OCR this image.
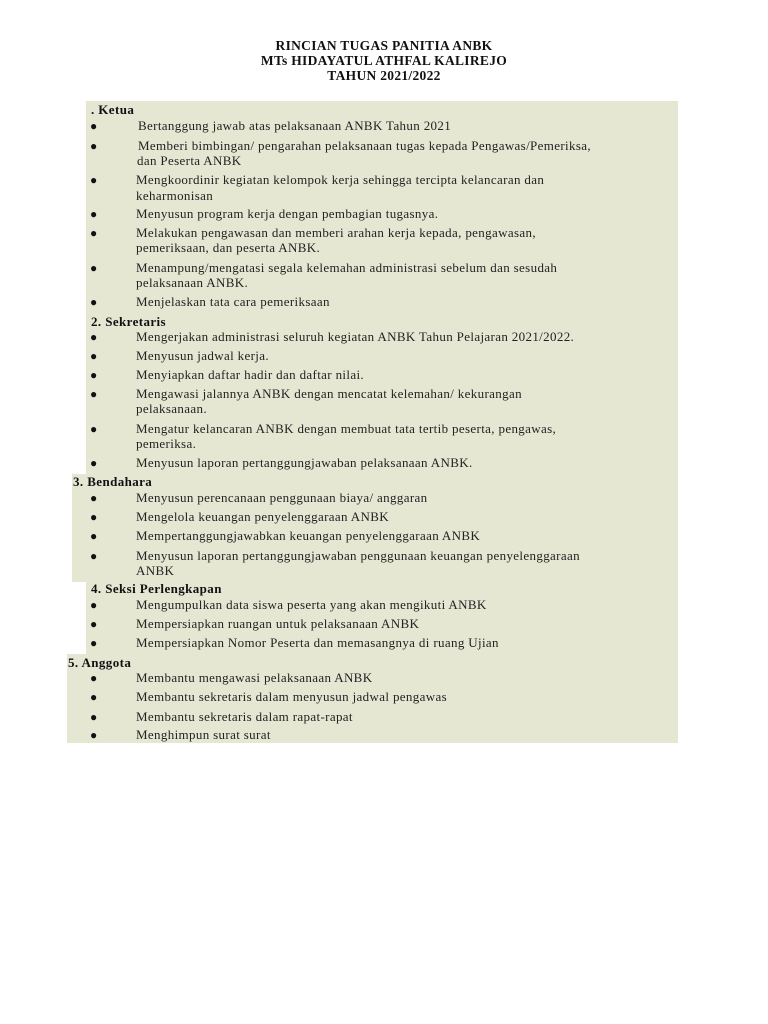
RINCIAN TUGAS PANITIA ANBK
MTs HIDAYATUL ATHFAL KALIREJO
TAHUN 2021/2022
. Ketua
●	Bertanggung jawab atas pelaksanaan ANBK Tahun 2021
●	Memberi bimbingan/ pengarahan pelaksanaan tugas kepada Pengawas/Pemeriksa,
dan Peserta ANBK
●	Mengkoordinir kegiatan kelompok kerja sehingga tercipta kelancaran dan
keharmonisan
●	Menyusun program kerja dengan pembagian tugasnya.
●	Melakukan pengawasan dan memberi arahan kerja kepada, pengawasan,
pemeriksaan, dan peserta ANBK.
●	Menampung/mengatasi segala kelemahan administrasi sebelum dan sesudah
pelaksanaan ANBK.
●	Menjelaskan tata cara pemeriksaan
2. Sekretaris
●	Mengerjakan administrasi seluruh kegiatan ANBK Tahun Pelajaran 2021/2022.
●	Menyusun jadwal kerja.
●	Menyiapkan daftar hadir dan daftar nilai.
●	Mengawasi jalannya ANBK dengan mencatat kelemahan/ kekurangan
pelaksanaan.
●	Mengatur kelancaran ANBK dengan membuat tata tertib peserta, pengawas,
pemeriksa.
●	Menyusun laporan pertanggungjawaban pelaksanaan ANBK.
3. Bendahara
●	Menyusun perencanaan penggunaan biaya/ anggaran
●	Mengelola keuangan penyelenggaraan ANBK
●	Mempertanggungjawabkan keuangan penyelenggaraan ANBK
●	Menyusun laporan pertanggungjawaban penggunaan keuangan penyelenggaraan
ANBK
4. Seksi Perlengkapan
●	Mengumpulkan data siswa peserta yang akan mengikuti ANBK
●	Mempersiapkan ruangan untuk pelaksanaan ANBK
●	Mempersiapkan Nomor Peserta dan memasangnya di ruang Ujian
5. Anggota
●	Membantu mengawasi pelaksanaan ANBK
●	Membantu sekretaris dalam menyusun jadwal pengawas
●	Membantu sekretaris dalam rapat-rapat
●	Menghimpun surat surat
